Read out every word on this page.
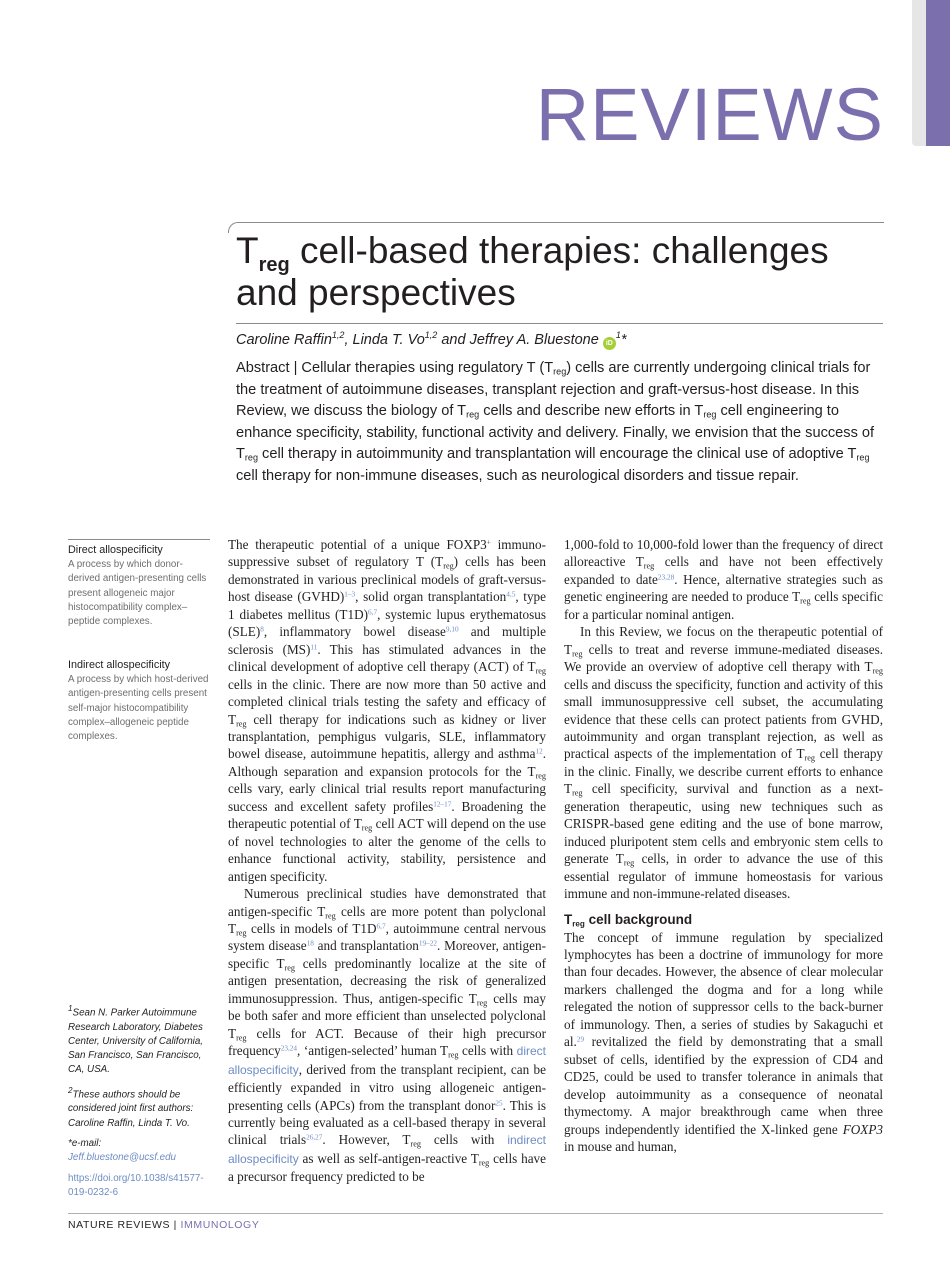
REVIEWS
$T_{reg}$ cell-based therapies: challenges and perspectives
Caroline Raffin$^{1,2}$, Linda T. Vo$^{1,2}$ and Jeffrey A. Bluestone $iD^1*$
Abstract | Cellular therapies using regulatory T $(T_{reg})$ cells are currently undergoing clinical trials for the treatment of autoimmune diseases, transplant rejection and graft-versus-host disease. In this Review, we discuss the biology of $T_{reg}$ cells and describe new efforts in $T_{reg}$ cell engineering to enhance specificity, stability, functional activity and delivery. Finally, we envision that the success of $T_{reg}$ cell therapy in autoimmunity and transplantation will encourage the clinical use of adoptive $T_{reg}$ cell therapy for non-immune diseases, such as neurological disorders and tissue repair.

Direct allospecificity

A process by which donor-derived antigen-presenting cells present allogeneic major histocompatibility complex–peptide complexes.

Indirect allospecificity

A process by which host-derived antigen-presenting cells present self-major histocompatibility complex–allogeneic peptide complexes.

$^1$Sean N. Parker Autoimmune Research Laboratory, Diabetes Center, University of California, San Francisco, San Francisco, CA, USA.

$^2$These authors should be considered joint first authors: Caroline Raffin, Linda T. Vo.

*e-mail: Jeff.bluestone@ucsf.edu

https://doi.org/10.1038/s41577-019-0232-6

The therapeutic potential of a unique FOXP3+ immunosuppressive subset of regulatory T $(T_{reg})$ cells has been demonstrated in various preclinical models of graft-versus-host disease (GVHD)$^{1-3}$, solid organ transplantation$^{4,5}$, type 1 diabetes mellitus $(T1D)^{6,7}$, systemic lupus erythematosus (SLE)$^8$, inflammatory bowel disease$^{9,10}$ and multiple sclerosis (MS)$^{11}$. This has stimulated advances in the clinical development of adoptive cell therapy (ACT) of $T_{reg}$ cells in the clinic. There are now more than 50 active and completed clinical trials testing the safety and efficacy of $T_{reg}$ cell therapy for indications such as kidney or liver transplantation, pemphigus vulgaris, SLE, inflammatory bowel disease, autoimmune hepatitis, allergy and asthma$^{12}$. Although separation and expansion protocols for the $T_{reg}$ cells vary, early clinical trial results report manufacturing success and excellent safety profiles$^{12-17}$. Broadening the therapeutic potential of $T_{reg}$ cell ACT will depend on the use of novel technologies to alter the genome of the cells to enhance functional activity, stability, persistence and antigen specificity.

Numerous preclinical studies have demonstrated that antigen-specific $T_{reg}$ cells are more potent than polyclonal $T_{reg}$ cells in models of $T1D^{6,7}$, autoimmune central nervous system disease$^{18}$ and transplantation$^{19-22}$. Moreover, antigen-specific $T_{reg}$ cells predominantly localize at the site of antigen presentation, decreasing the risk of generalized immunosuppression. Thus, antigen-specific $T_{reg}$ cells may be both safer and more efficient than unselected polyclonal $T_{reg}$ cells for ACT. Because of their high precursor frequency$^{23,24}$, ‘antigen-selected’ human $T_{reg}$ cells with direct allospecificity, derived from the transplant recipient, can be efficiently expanded in vitro using allogeneic antigen-presenting cells (APCs) from the transplant donor$^{25}$. This is currently being evaluated as a cell-based therapy in several clinical trials$^{26,27}$. However, $T_{reg}$ cells with indirect allospecificity as well as self-antigen-reactive $T_{reg}$ cells have a precursor frequency predicted to be

1,000-fold to 10,000-fold lower than the frequency of direct alloreactive $T_{reg}$ cells and have not been effectively expanded to date$^{23,28}$. Hence, alternative strategies such as genetic engineering are needed to produce $T_{reg}$ cells specific for a particular nominal antigen.

In this Review, we focus on the therapeutic potential of $T_{reg}$ cells to treat and reverse immune-mediated diseases. We provide an overview of adoptive cell therapy with $T_{reg}$ cells and discuss the specificity, function and activity of this small immunosuppressive cell subset, the accumulating evidence that these cells can protect patients from GVHD, autoimmunity and organ transplant rejection, as well as practical aspects of the implementation of $T_{reg}$ cell therapy in the clinic. Finally, we describe current efforts to enhance $T_{reg}$ cell specificity, survival and function as a next-generation therapeutic, using new techniques such as CRISPR-based gene editing and the use of bone marrow, induced pluripotent stem cells and embryonic stem cells to generate $T_{reg}$ cells, in order to advance the use of this essential regulator of immune homeostasis for various immune and non-immune-related diseases.

$T_{reg}$ cell background

The concept of immune regulation by specialized lymphocytes has been a doctrine of immunology for more than four decades. However, the absence of clear molecular markers challenged the dogma and for a long while relegated the notion of suppressor cells to the back-burner of immunology. Then, a series of studies by Sakaguchi et al.$^{29}$ revitalized the field by demonstrating that a small subset of cells, identified by the expression of CD4 and CD25, could be used to transfer tolerance in animals that develop autoimmunity as a consequence of neonatal thymectomy. A major breakthrough came when three groups independently identified the X-linked gene FOXP3 in mouse and human,

NATURE REVIEWS | IMMUNOLOGY
